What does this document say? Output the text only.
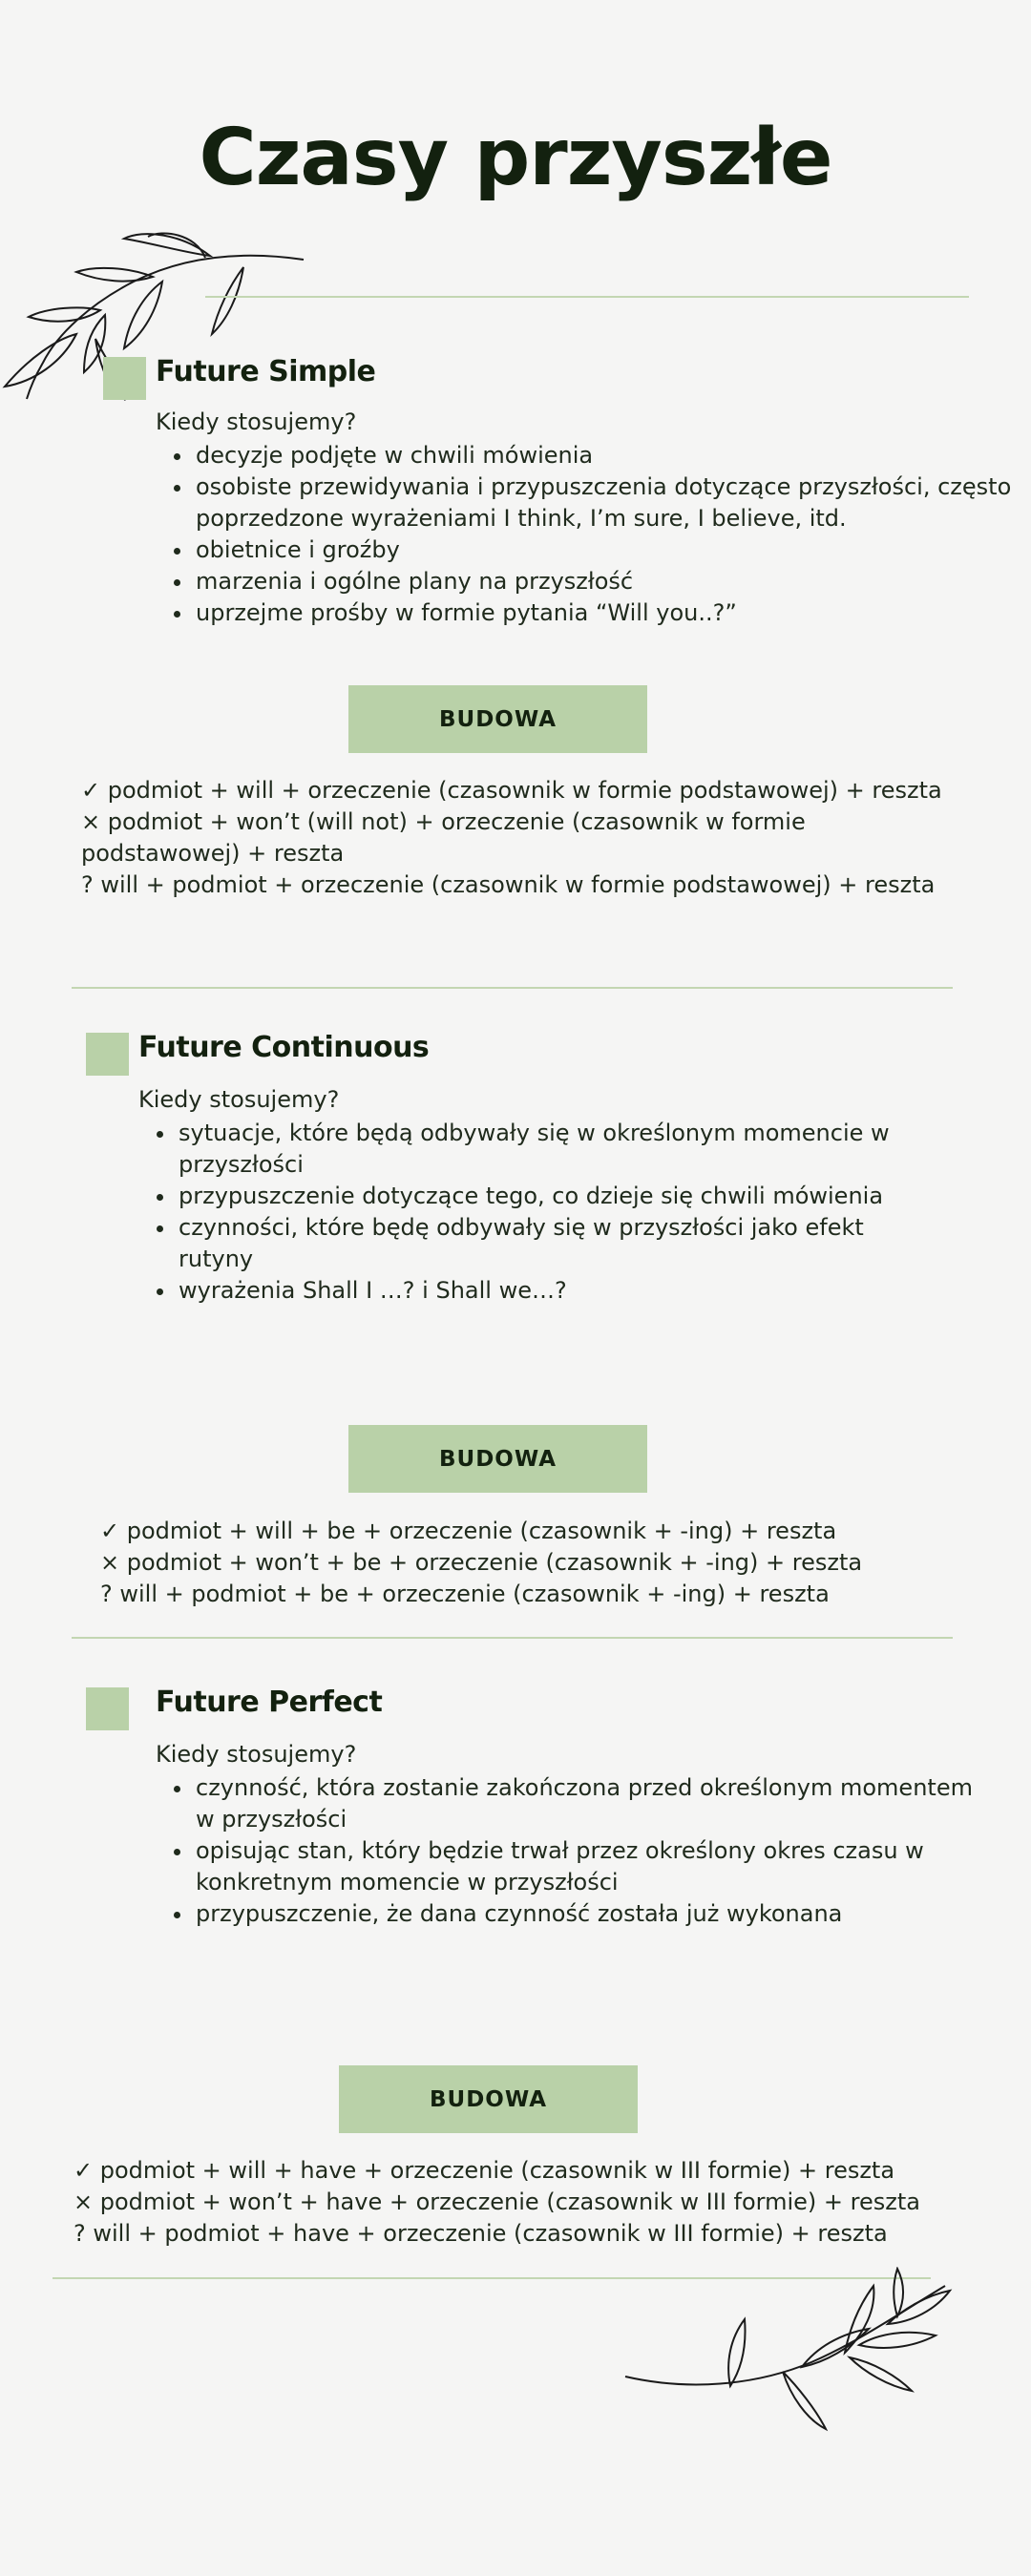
Czasy przyszłe
Future Simple
Kiedy stosujemy?
• decyzje podjęte w chwili mówienia
• osobiste przewidywania i przypuszczenia dotyczące przyszłości, często poprzedzone wyrażeniami I think, I’m sure, I believe, itd.
• obietnice i groźby
• marzenia i ogólne plany na przyszłość
• uprzejme prośby w formie pytania “Will you..?”
BUDOWA
✓ podmiot + will + orzeczenie (czasownik w formie podstawowej) + reszta
× podmiot + won’t (will not) + orzeczenie (czasownik w formie podstawowej) + reszta
? will + podmiot + orzeczenie (czasownik w formie podstawowej) + reszta
Future Continuous
Kiedy stosujemy?
• sytuacje, które będą odbywały się w określonym momencie w przyszłości
• przypuszczenie dotyczące tego, co dzieje się chwili mówienia
• czynności, które będę odbywały się w przyszłości jako efekt rutyny
• wyrażenia Shall I …? i Shall we…?
BUDOWA
✓ podmiot + will + be + orzeczenie (czasownik + -ing) + reszta
× podmiot + won’t + be + orzeczenie (czasownik + -ing) + reszta
? will + podmiot + be + orzeczenie (czasownik + -ing) + reszta
Future Perfect
Kiedy stosujemy?
• czynność, która zostanie zakończona przed określonym momentem w przyszłości
• opisując stan, który będzie trwał przez określony okres czasu w konkretnym momencie w przyszłości
• przypuszczenie, że dana czynność została już wykonana
BUDOWA
✓ podmiot + will + have + orzeczenie (czasownik w III formie) + reszta
× podmiot + won’t + have + orzeczenie (czasownik w III formie) + reszta
? will + podmiot + have + orzeczenie (czasownik w III formie) + reszta
